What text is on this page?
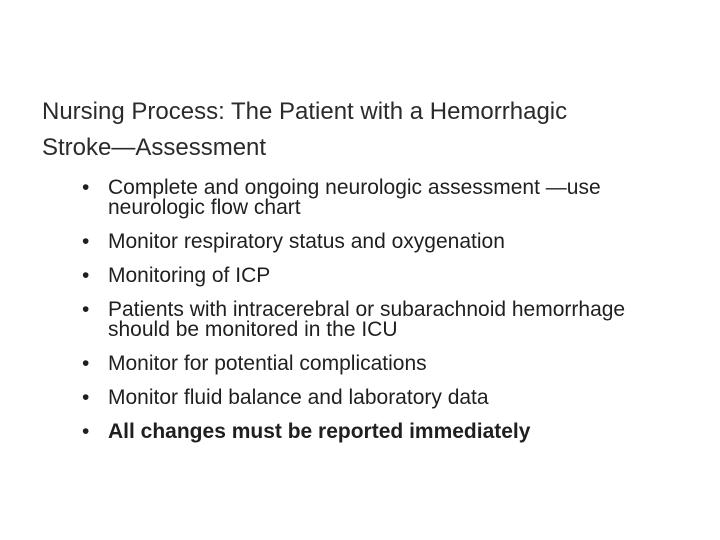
Nursing Process: The Patient with a Hemorrhagic
Stroke—Assessment
• Complete and ongoing neurologic assessment —use neurologic flow chart
• Monitor respiratory status and oxygenation
• Monitoring of ICP
• Patients with intracerebral or subarachnoid hemorrhage should be monitored in the ICU
• Monitor for potential complications
• Monitor fluid balance and laboratory data
• All changes must be reported immediately
